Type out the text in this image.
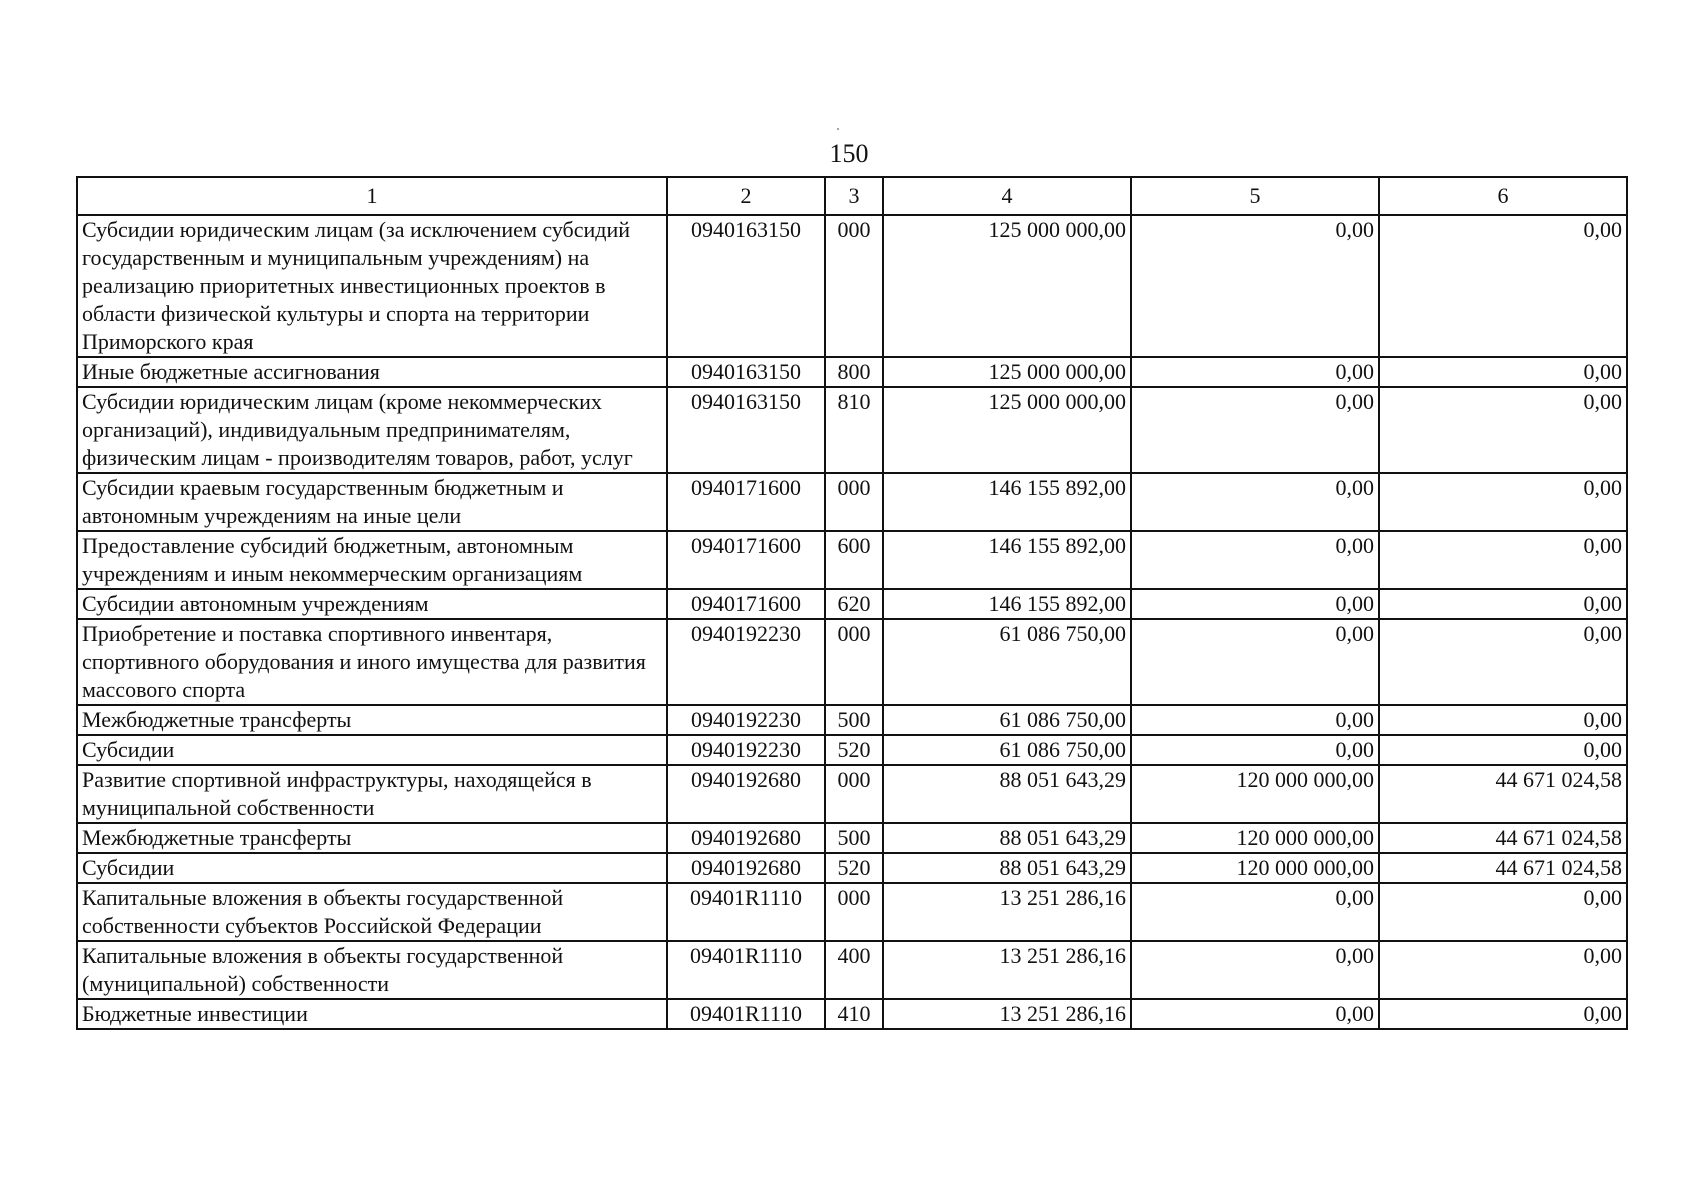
150
1	2	3	4	5	6
Субсидии юридическим лицам (за исключением субсидий государственным и муниципальным учреждениям) на реализацию приоритетных инвестиционных проектов в области физической культуры и спорта на территории Приморского края	0940163150	000	125 000 000,00	0,00	0,00
Иные бюджетные ассигнования	0940163150	800	125 000 000,00	0,00	0,00
Субсидии юридическим лицам (кроме некоммерческих организаций), индивидуальным предпринимателям, физическим лицам - производителям товаров, работ, услуг	0940163150	810	125 000 000,00	0,00	0,00
Субсидии краевым государственным бюджетным и автономным учреждениям на иные цели	0940171600	000	146 155 892,00	0,00	0,00
Предоставление субсидий бюджетным, автономным учреждениям и иным некоммерческим организациям	0940171600	600	146 155 892,00	0,00	0,00
Субсидии автономным учреждениям	0940171600	620	146 155 892,00	0,00	0,00
Приобретение и поставка спортивного инвентаря, спортивного оборудования и иного имущества для развития массового спорта	0940192230	000	61 086 750,00	0,00	0,00
Межбюджетные трансферты	0940192230	500	61 086 750,00	0,00	0,00
Субсидии	0940192230	520	61 086 750,00	0,00	0,00
Развитие спортивной инфраструктуры, находящейся в муниципальной собственности	0940192680	000	88 051 643,29	120 000 000,00	44 671 024,58
Межбюджетные трансферты	0940192680	500	88 051 643,29	120 000 000,00	44 671 024,58
Субсидии	0940192680	520	88 051 643,29	120 000 000,00	44 671 024,58
Капитальные вложения в объекты государственной собственности субъектов Российской Федерации	09401R1110	000	13 251 286,16	0,00	0,00
Капитальные вложения в объекты государственной (муниципальной) собственности	09401R1110	400	13 251 286,16	0,00	0,00
Бюджетные инвестиции	09401R1110	410	13 251 286,16	0,00	0,00
